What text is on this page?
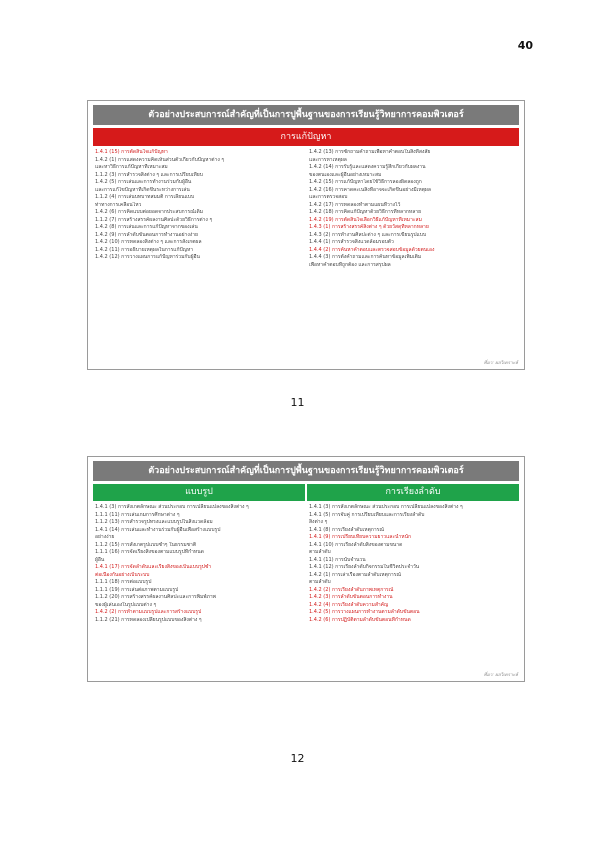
40
ตัวอย่างประสบการณ์สำคัญที่เป็นการปูพื้นฐานของการเรียนรู้วิทยาการคอมพิวเตอร์
การแก้ปัญหา
1.4.1 (15) การตัดสินใจแก้ปัญหา
1.4.2 (1) การแสดงความคิดเห็นส่วนตัวเกี่ยวกับปัญหาต่าง ๆ
และหาวิธีการแก้ปัญหาที่เหมาะสม
1.1.2 (3) การสำรวจสิ่งต่าง ๆ และการเปรียบเทียบ
1.4.2 (5) การเล่นและการทำงานร่วมกับผู้อื่น
และการแก้ไขปัญหาที่เกิดขึ้นระหว่างการเล่น
1.1.2 (4) การเล่นบทบาทสมมติ การเลียนแบบ
ท่าทางการเคลื่อนไหว
1.4.2 (6) การคิดแบบต่อยอดจากประสบการณ์เดิม
1.1.2 (7) การสร้างสรรค์ผลงานศิลปะด้วยวิธีการต่าง ๆ
1.4.2 (8) การเล่นและการแก้ปัญหาจากของเล่น
1.4.2 (9) การลำดับขั้นตอนการทำงานอย่างง่าย
1.4.2 (10) การทดลองสิ่งต่าง ๆ และการสังเกตผล
1.4.2 (11) การอธิบายเหตุผลในการแก้ปัญหา
1.4.2 (12) การวางแผนการแก้ปัญหาร่วมกับผู้อื่น
1.4.2 (13) การซักถามคำถามเพื่อหาคำตอบในสิ่งที่สงสัย
และการหาเหตุผล
1.4.2 (14) การรับรู้และแสดงความรู้สึกเกี่ยวกับผลงาน
ของตนเองและผู้อื่นอย่างเหมาะสม
1.4.2 (15) การแก้ปัญหาโดยใช้วิธีการลองผิดลองถูก
1.4.2 (16) การคาดคะเนสิ่งที่อาจจะเกิดขึ้นอย่างมีเหตุผล
และการตรวจสอบ
1.4.2 (17) การทดลองทำตามแผนที่วางไว้
1.4.2 (18) การคิดแก้ปัญหาด้วยวิธีการที่หลากหลาย
1.4.2 (19) การตัดสินใจเลือกวิธีแก้ปัญหาที่เหมาะสม
1.4.3 (1) การสร้างสรรค์สิ่งต่าง ๆ ด้วยวัสดุที่หลากหลาย
1.4.3 (2) การทำงานศิลปะต่าง ๆ และการเขียนรูปแบบ
1.4.4 (1) การสำรวจสิ่งแวดล้อมรอบตัว
1.4.4 (2) การค้นหาคำตอบและตรวจสอบข้อมูลด้วยตนเอง
1.4.4 (3) การตั้งคำถามและการค้นหาข้อมูลเพิ่มเติม
เพื่อหาคำตอบที่ถูกต้อง และการสรุปผล
ที่มา: ผลวิเคราะห์
11
ตัวอย่างประสบการณ์สำคัญที่เป็นการปูพื้นฐานของการเรียนรู้วิทยาการคอมพิวเตอร์
แบบรูป	การเรียงลำดับ
1.4.1 (3) การสังเกตลักษณะ ส่วนประกอบ การเปลี่ยนแปลงของสิ่งต่าง ๆ
1.1.1 (11) การเล่นเกมการศึกษาต่าง ๆ
1.1.2 (13) การสำรวจรูปทรงและแบบรูปในสิ่งแวดล้อม
1.4.1 (14) การเล่นและทำงานร่วมกับผู้อื่นเพื่อสร้างแบบรูป
อย่างง่าย
1.1.2 (15) การสังเกตรูปแบบซ้ำๆ ในธรรมชาติ
1.1.1 (16) การจัดเรียงสิ่งของตามแบบรูปที่กำหนด
ผู้อื่น
1.4.1 (17) การจัดลำดับและเรียงสิ่งของเป็นแบบรูปซ้ำ
ต่อเนื่องกันอย่างเป็นระบบ
1.1.1 (18) การต่อแบบรูป
1.1.1 (19) การเล่นต่อภาพตามแบบรูป
1.1.2 (20) การสร้างสรรค์ผลงานศิลปะและการพิมพ์ภาพ
ของผู้เล่นเองในรูปแบบต่าง ๆ
1.4.2 (2) การทำตามแบบรูปและการสร้างแบบรูป
1.1.2 (21) การทดลองเปลี่ยนรูปแบบของสิ่งต่าง ๆ
1.4.1 (3) การสังเกตลักษณะ ส่วนประกอบ การเปลี่ยนแปลงของสิ่งต่าง ๆ
1.4.1 (5) การจับคู่ การเปรียบเทียบและการเรียงลำดับ
สิ่งต่าง ๆ
1.4.1 (8) การเรียงลำดับเหตุการณ์
1.4.1 (9) การเปรียบเทียบความยาวและน้ำหนัก
1.4.1 (10) การเรียงลำดับสิ่งของตามขนาด
ตามลำดับ
1.4.1 (11) การนับจำนวน
1.4.1 (12) การเรียงลำดับกิจกรรมในชีวิตประจำวัน
1.4.2 (1) การเล่าเรื่องตามลำดับเหตุการณ์
ตามลำดับ
1.4.2 (2) การเรียงลำดับภาพเหตุการณ์
1.4.2 (3) การลำดับขั้นตอนการทำงาน
1.4.2 (4) การเรียงลำดับความสำคัญ
1.4.2 (5) การวางแผนการทำงานตามลำดับขั้นตอน
1.4.2 (6) การปฏิบัติตามลำดับขั้นตอนที่กำหนด
ที่มา: ผลวิเคราะห์
12
